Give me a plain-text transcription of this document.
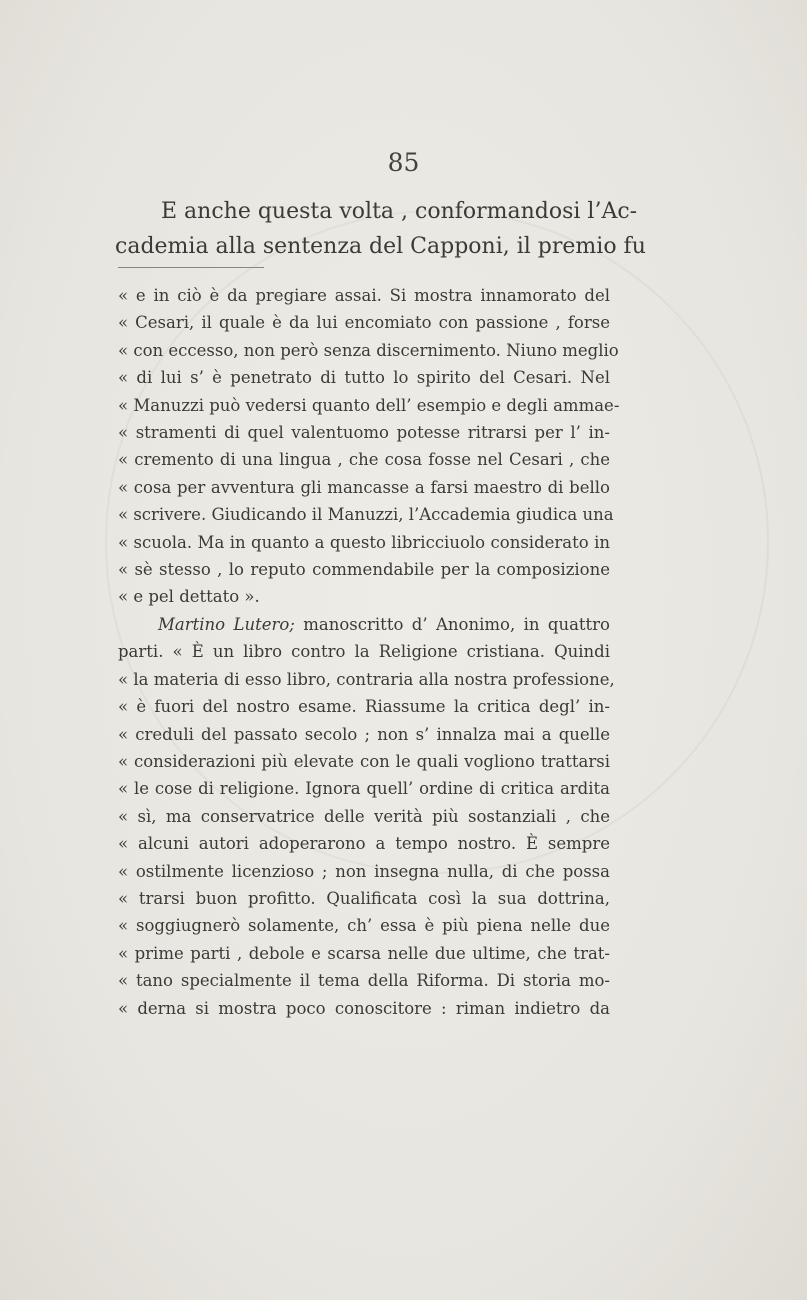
85
E anche questa volta , conformandosi l’Ac-
cademia alla sentenza del Capponi, il premio fu
« e in ciò è da pregiare assai. Si mostra innamorato del
« Cesari, il quale è da lui encomiato con passione , forse
« con eccesso, non però senza discernimento. Niuno meglio
« di lui s’ è penetrato di tutto lo spirito del Cesari. Nel
« Manuzzi può vedersi quanto dell’ esempio e degli ammae-
« stramenti di quel valentuomo potesse ritrarsi per l’ in-
« cremento di una lingua , che cosa fosse nel Cesari , che
« cosa per avventura gli mancasse a farsi maestro di bello
« scrivere. Giudicando il Manuzzi, l’Accademia giudica una
« scuola. Ma in quanto a questo libricciuolo considerato in
« sè stesso , lo reputo commendabile per la composizione
« e pel dettato ».
Martino Lutero; manoscritto d’ Anonimo, in quattro
parti. « È un libro contro la Religione cristiana. Quindi
« la materia di esso libro, contraria alla nostra professione,
« è fuori del nostro esame. Riassume la critica degl’ in-
« creduli del passato secolo ; non s’ innalza mai a quelle
« considerazioni più elevate con le quali vogliono trattarsi
« le cose di religione. Ignora quell’ ordine di critica ardita
« sì, ma conservatrice delle verità più sostanziali , che
« alcuni autori adoperarono a tempo nostro. È sempre
« ostilmente licenzioso ; non insegna nulla, di che possa
« trarsi buon profitto. Qualificata così la sua dottrina,
« soggiugnerò solamente, ch’ essa è più piena nelle due
« prime parti , debole e scarsa nelle due ultime, che trat-
« tano specialmente il tema della Riforma. Di storia mo-
« derna si mostra poco conoscitore : riman indietro da
